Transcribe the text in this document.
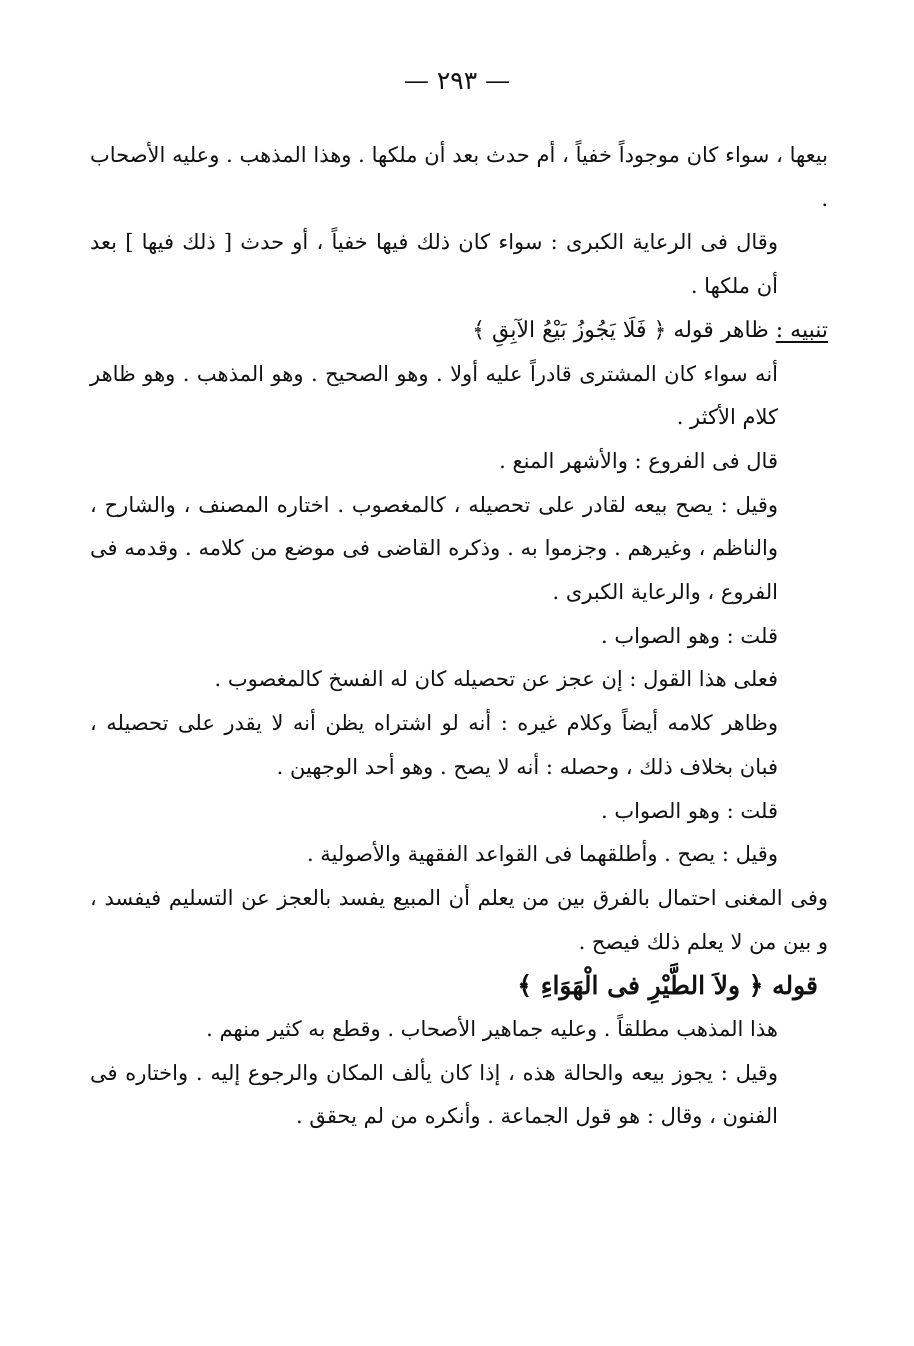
— ٢٩٣ —

بيعها ، سواء كان موجوداً خفياً ، أم حدث بعد أن ملكها . وهذا المذهب . وعليه الأصحاب .

وقال فى الرعاية الكبرى : سواء كان ذلك فيها خفياً ، أو حدث [ ذلك فيها ] بعد أن ملكها .

تنبيه : ظاهر قوله ﴿ فَلَا يَجُوزُ بَيْعُ الآبِقِ ﴾

أنه سواء كان المشترى قادراً عليه أولا . وهو الصحيح . وهو المذهب . وهو ظاهر كلام الأكثر .

قال فى الفروع : والأشهر المنع .

وقيل : يصح بيعه لقادر على تحصيله ، كالمغصوب . اختاره المصنف ، والشارح ، والناظم ، وغيرهم . وجزموا به . وذكره القاضى فى موضع من كلامه . وقدمه فى الفروع ، والرعاية الكبرى .

قلت : وهو الصواب .

فعلى هذا القول : إن عجز عن تحصيله كان له الفسخ كالمغصوب .

وظاهر كلامه أيضاً وكلام غيره : أنه لو اشتراه يظن أنه لا يقدر على تحصيله ، فبان بخلاف ذلك ، وحصله : أنه لا يصح . وهو أحد الوجهين .

قلت : وهو الصواب .

وقيل : يصح . وأطلقهما فى القواعد الفقهية والأصولية .

وفى المغنى احتمال بالفرق بين من يعلم أن المبيع يفسد بالعجز عن التسليم فيفسد ، و بين من لا يعلم ذلك فيصح .

قوله ﴿ ولاَ الطَّيْرِ فى الْهَوَاءِ ﴾

هذا المذهب مطلقاً . وعليه جماهير الأصحاب . وقطع به كثير منهم .

وقيل : يجوز بيعه والحالة هذه ، إذا كان يألف المكان والرجوع إليه . واختاره فى الفنون ، وقال : هو قول الجماعة . وأنكره من لم يحقق .
